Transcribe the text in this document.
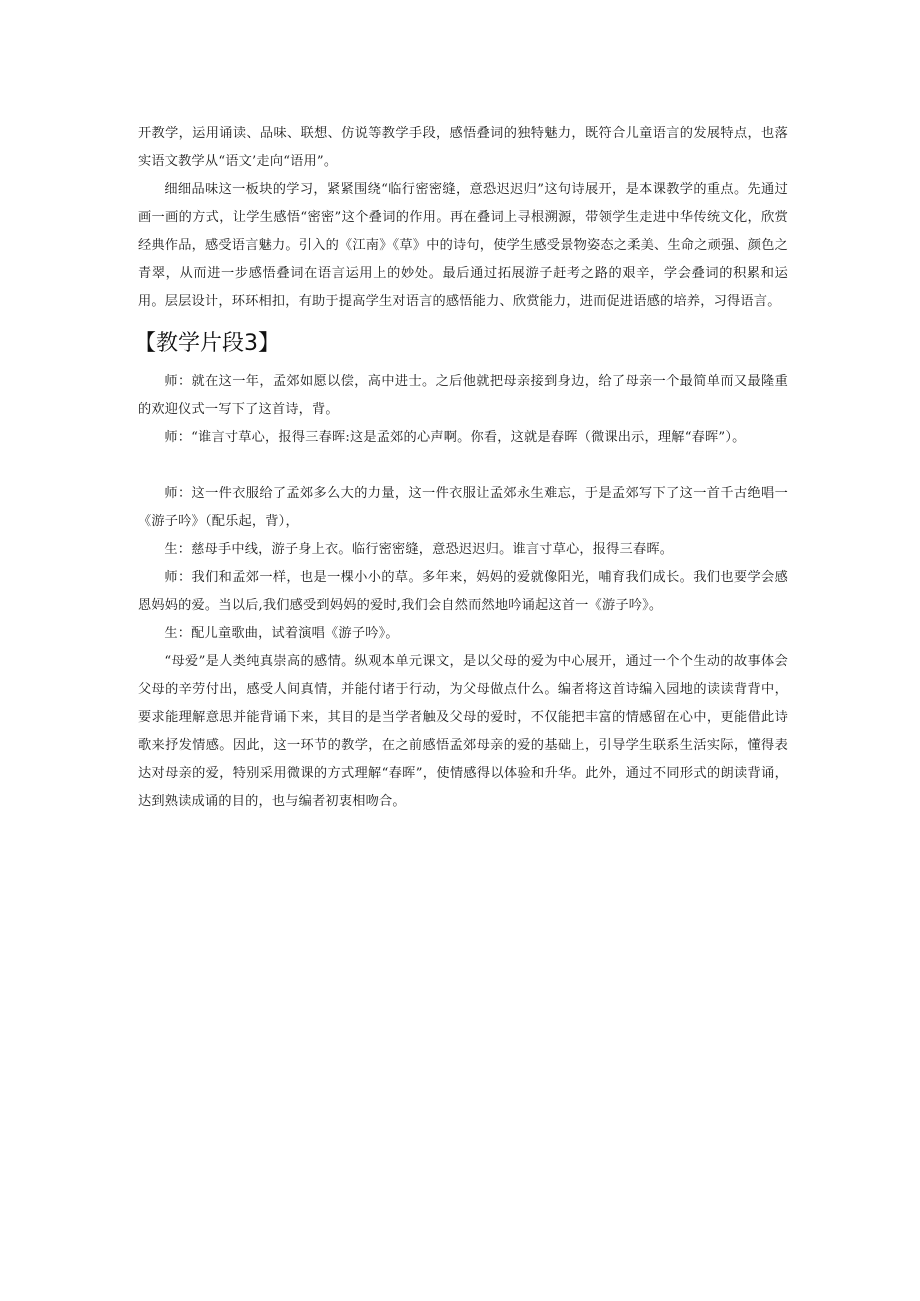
开教学，运用诵读、品味、联想、仿说等教学手段，感悟叠词的独特魅力，既符合儿童语言的发展特点，也落实语文教学从“语文’走向“语用”。

细细品味这一板块的学习，紧紧围绕“临行密密缝，意恐迟迟归”这句诗展开，是本课教学的重点。先通过画一画的方式，让学生感悟“密密”这个叠词的作用。再在叠词上寻根溯源，带领学生走进中华传统文化，欣赏经典作品，感受语言魅力。引入的《江南》《草》中的诗句，使学生感受景物姿态之柔美、生命之顽强、颜色之青翠，从而进一步感悟叠词在语言运用上的妙处。最后通过拓展游子赶考之路的艰辛，学会叠词的积累和运用。层层设计，环环相扣，有助于提高学生对语言的感悟能力、欣赏能力，进而促进语感的培养，习得语言。

【教学片段3】

师：就在这一年，孟郊如愿以偿，高中进士。之后他就把母亲接到身边，给了母亲一个最简单而又最隆重的欢迎仪式一写下了这首诗，背。

师：“谁言寸草心，报得三春晖:这是孟郊的心声啊。你看，这就是春晖（微课出示，理解“春晖”）。

师：这一件衣服给了孟郊多么大的力量，这一件衣服让孟郊永生难忘，于是孟郊写下了这一首千古绝唱一《游子吟》（配乐起，背），

生：慈母手中线，游子身上衣。临行密密缝，意恐迟迟归。谁言寸草心，报得三春晖。

师：我们和孟郊一样，也是一棵小小的草。多年来，妈妈的爱就像阳光，哺育我们成长。我们也要学会感恩妈妈的爱。当以后,我们感受到妈妈的爱时,我们会自然而然地吟诵起这首一《游子吟》。

生：配儿童歌曲，试着演唱《游子吟》。

“母爱”是人类纯真崇高的感情。纵观本单元课文，是以父母的爱为中心展开，通过一个个生动的故事体会父母的辛劳付出，感受人间真情，并能付诸于行动，为父母做点什么。编者将这首诗编入园地的读读背背中，要求能理解意思并能背诵下来，其目的是当学者触及父母的爱时，不仅能把丰富的情感留在心中，更能借此诗歌来抒发情感。因此，这一环节的教学，在之前感悟孟郊母亲的爱的基础上，引导学生联系生活实际，懂得表达对母亲的爱，特别采用微课的方式理解“春晖”，使情感得以体验和升华。此外，通过不同形式的朗读背诵，达到熟读成诵的目的，也与编者初衷相吻合。
